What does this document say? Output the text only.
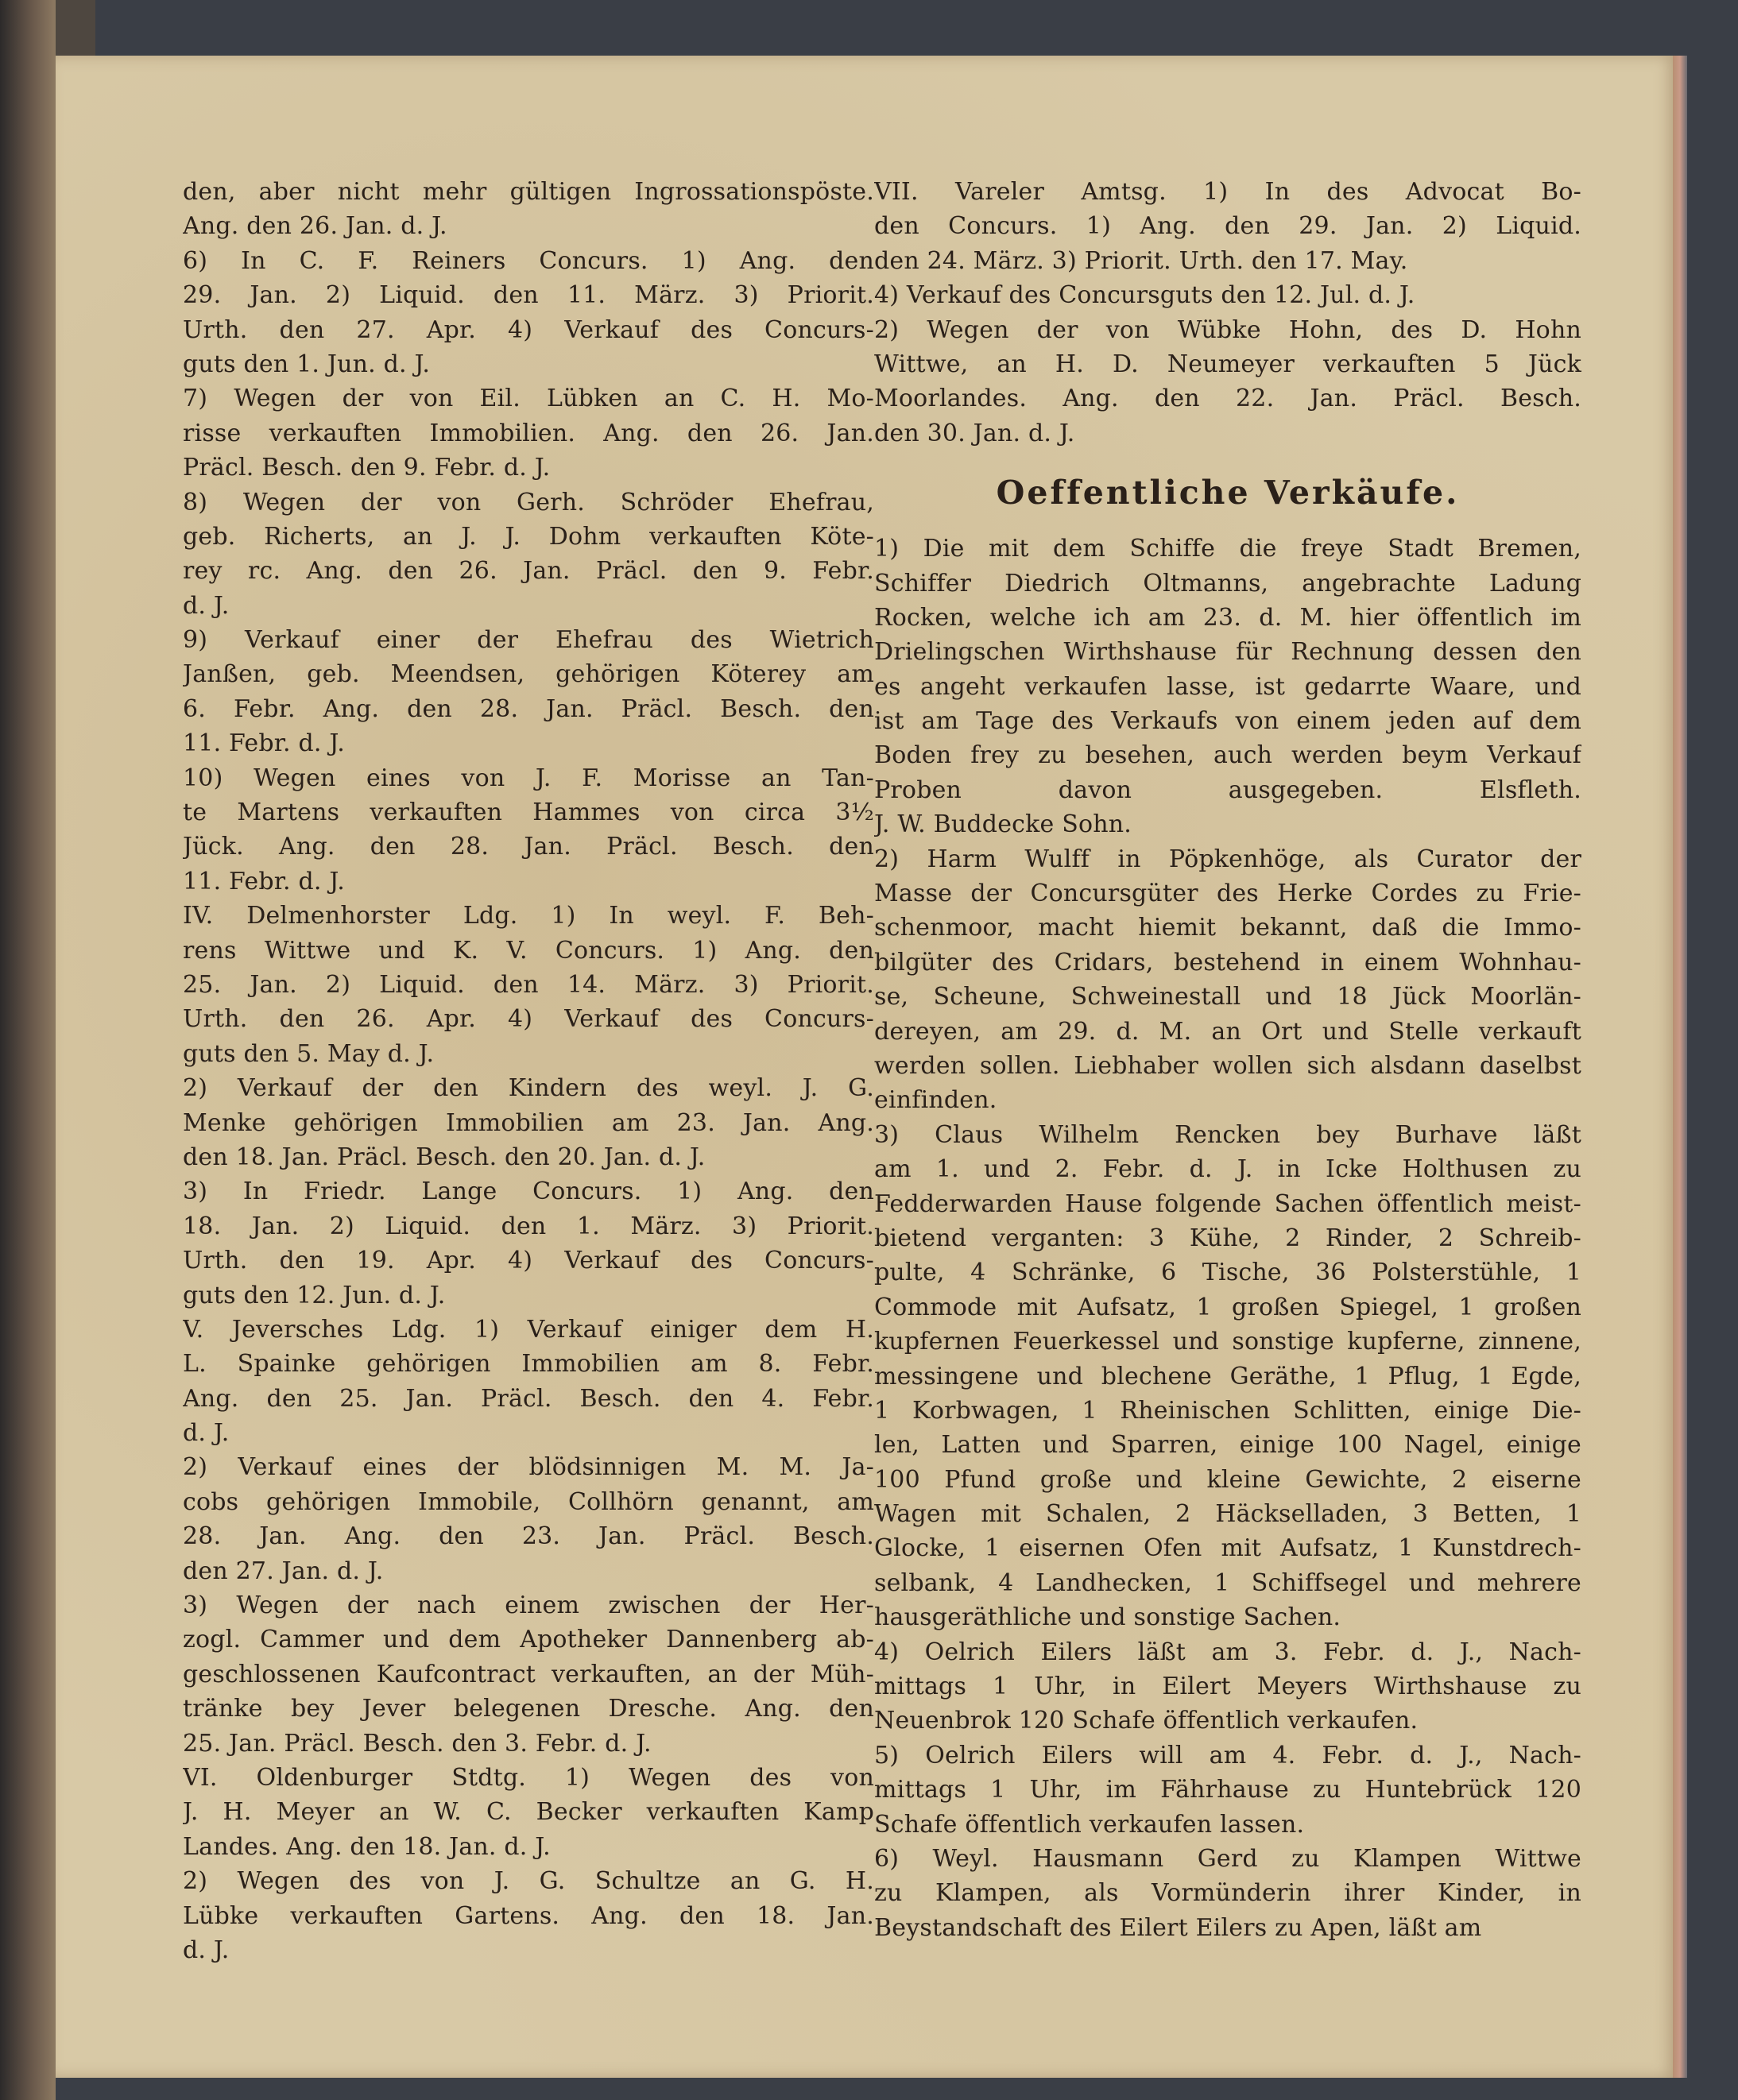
den, aber nicht mehr gültigen Ingrossationspöste.
Ang. den 26. Jan. d. J.
6) In C. F. Reiners Concurs. 1) Ang. den
29. Jan. 2) Liquid. den 11. März. 3) Priorit.
Urth. den 27. Apr. 4) Verkauf des Concurs-
guts den 1. Jun. d. J.
7) Wegen der von Eil. Lübken an C. H. Mo-
risse verkauften Immobilien. Ang. den 26. Jan.
Präcl. Besch. den 9. Febr. d. J.
8) Wegen der von Gerh. Schröder Ehefrau,
geb. Richerts, an J. J. Dohm verkauften Köte-
rey rc. Ang. den 26. Jan. Präcl. den 9. Febr.
d. J.
9) Verkauf einer der Ehefrau des Wietrich
Janßen, geb. Meendsen, gehörigen Köterey am
6. Febr. Ang. den 28. Jan. Präcl. Besch. den
11. Febr. d. J.
10) Wegen eines von J. F. Morisse an Tan-
te Martens verkauften Hammes von circa 3½
Jück. Ang. den 28. Jan. Präcl. Besch. den
11. Febr. d. J.
IV. Delmenhorster Ldg. 1) In weyl. F. Beh-
rens Wittwe und K. V. Concurs. 1) Ang. den
25. Jan. 2) Liquid. den 14. März. 3) Priorit.
Urth. den 26. Apr. 4) Verkauf des Concurs-
guts den 5. May d. J.
2) Verkauf der den Kindern des weyl. J. G.
Menke gehörigen Immobilien am 23. Jan. Ang.
den 18. Jan. Präcl. Besch. den 20. Jan. d. J.
3) In Friedr. Lange Concurs. 1) Ang. den
18. Jan. 2) Liquid. den 1. März. 3) Priorit.
Urth. den 19. Apr. 4) Verkauf des Concurs-
guts den 12. Jun. d. J.
V. Jeversches Ldg. 1) Verkauf einiger dem H.
L. Spainke gehörigen Immobilien am 8. Febr.
Ang. den 25. Jan. Präcl. Besch. den 4. Febr.
d. J.
2) Verkauf eines der blödsinnigen M. M. Ja-
cobs gehörigen Immobile, Collhörn genannt, am
28. Jan. Ang. den 23. Jan. Präcl. Besch.
den 27. Jan. d. J.
3) Wegen der nach einem zwischen der Her-
zogl. Cammer und dem Apotheker Dannenberg ab-
geschlossenen Kaufcontract verkauften, an der Müh-
tränke bey Jever belegenen Dresche. Ang. den
25. Jan. Präcl. Besch. den 3. Febr. d. J.
VI. Oldenburger Stdtg. 1) Wegen des von
J. H. Meyer an W. C. Becker verkauften Kamp
Landes. Ang. den 18. Jan. d. J.
2) Wegen des von J. G. Schultze an G. H.
Lübke verkauften Gartens. Ang. den 18. Jan.
d. J.
VII. Vareler Amtsg. 1) In des Advocat Bo-
den Concurs. 1) Ang. den 29. Jan. 2) Liquid.
den 24. März. 3) Priorit. Urth. den 17. May.
4) Verkauf des Concursguts den 12. Jul. d. J.
2) Wegen der von Wübke Hohn, des D. Hohn
Wittwe, an H. D. Neumeyer verkauften 5 Jück
Moorlandes. Ang. den 22. Jan. Präcl. Besch.
den 30. Jan. d. J.
Oeffentliche Verkäufe.
1) Die mit dem Schiffe die freye Stadt Bremen,
Schiffer Diedrich Oltmanns, angebrachte Ladung
Rocken, welche ich am 23. d. M. hier öffentlich im
Drielingschen Wirthshause für Rechnung dessen den
es angeht verkaufen lasse, ist gedarrte Waare, und
ist am Tage des Verkaufs von einem jeden auf dem
Boden frey zu besehen, auch werden beym Verkauf
Proben davon ausgegeben. Elsfleth.
J. W. Buddecke Sohn.
2) Harm Wulff in Pöpkenhöge, als Curator der
Masse der Concursgüter des Herke Cordes zu Frie-
schenmoor, macht hiemit bekannt, daß die Immo-
bilgüter des Cridars, bestehend in einem Wohnhau-
se, Scheune, Schweinestall und 18 Jück Moorlän-
dereyen, am 29. d. M. an Ort und Stelle verkauft
werden sollen. Liebhaber wollen sich alsdann daselbst
einfinden.
3) Claus Wilhelm Rencken bey Burhave läßt
am 1. und 2. Febr. d. J. in Icke Holthusen zu
Fedderwarden Hause folgende Sachen öffentlich meist-
bietend verganten: 3 Kühe, 2 Rinder, 2 Schreib-
pulte, 4 Schränke, 6 Tische, 36 Polsterstühle, 1
Commode mit Aufsatz, 1 großen Spiegel, 1 großen
kupfernen Feuerkessel und sonstige kupferne, zinnene,
messingene und blechene Geräthe, 1 Pflug, 1 Egde,
1 Korbwagen, 1 Rheinischen Schlitten, einige Die-
len, Latten und Sparren, einige 100 Nagel, einige
100 Pfund große und kleine Gewichte, 2 eiserne
Wagen mit Schalen, 2 Häckselladen, 3 Betten, 1
Glocke, 1 eisernen Ofen mit Aufsatz, 1 Kunstdrech-
selbank, 4 Landhecken, 1 Schiffsegel und mehrere
hausgeräthliche und sonstige Sachen.
4) Oelrich Eilers läßt am 3. Febr. d. J., Nach-
mittags 1 Uhr, in Eilert Meyers Wirthshause zu
Neuenbrok 120 Schafe öffentlich verkaufen.
5) Oelrich Eilers will am 4. Febr. d. J., Nach-
mittags 1 Uhr, im Fährhause zu Huntebrück 120
Schafe öffentlich verkaufen lassen.
6) Weyl. Hausmann Gerd zu Klampen Wittwe
zu Klampen, als Vormünderin ihrer Kinder, in
Beystandschaft des Eilert Eilers zu Apen, läßt am
